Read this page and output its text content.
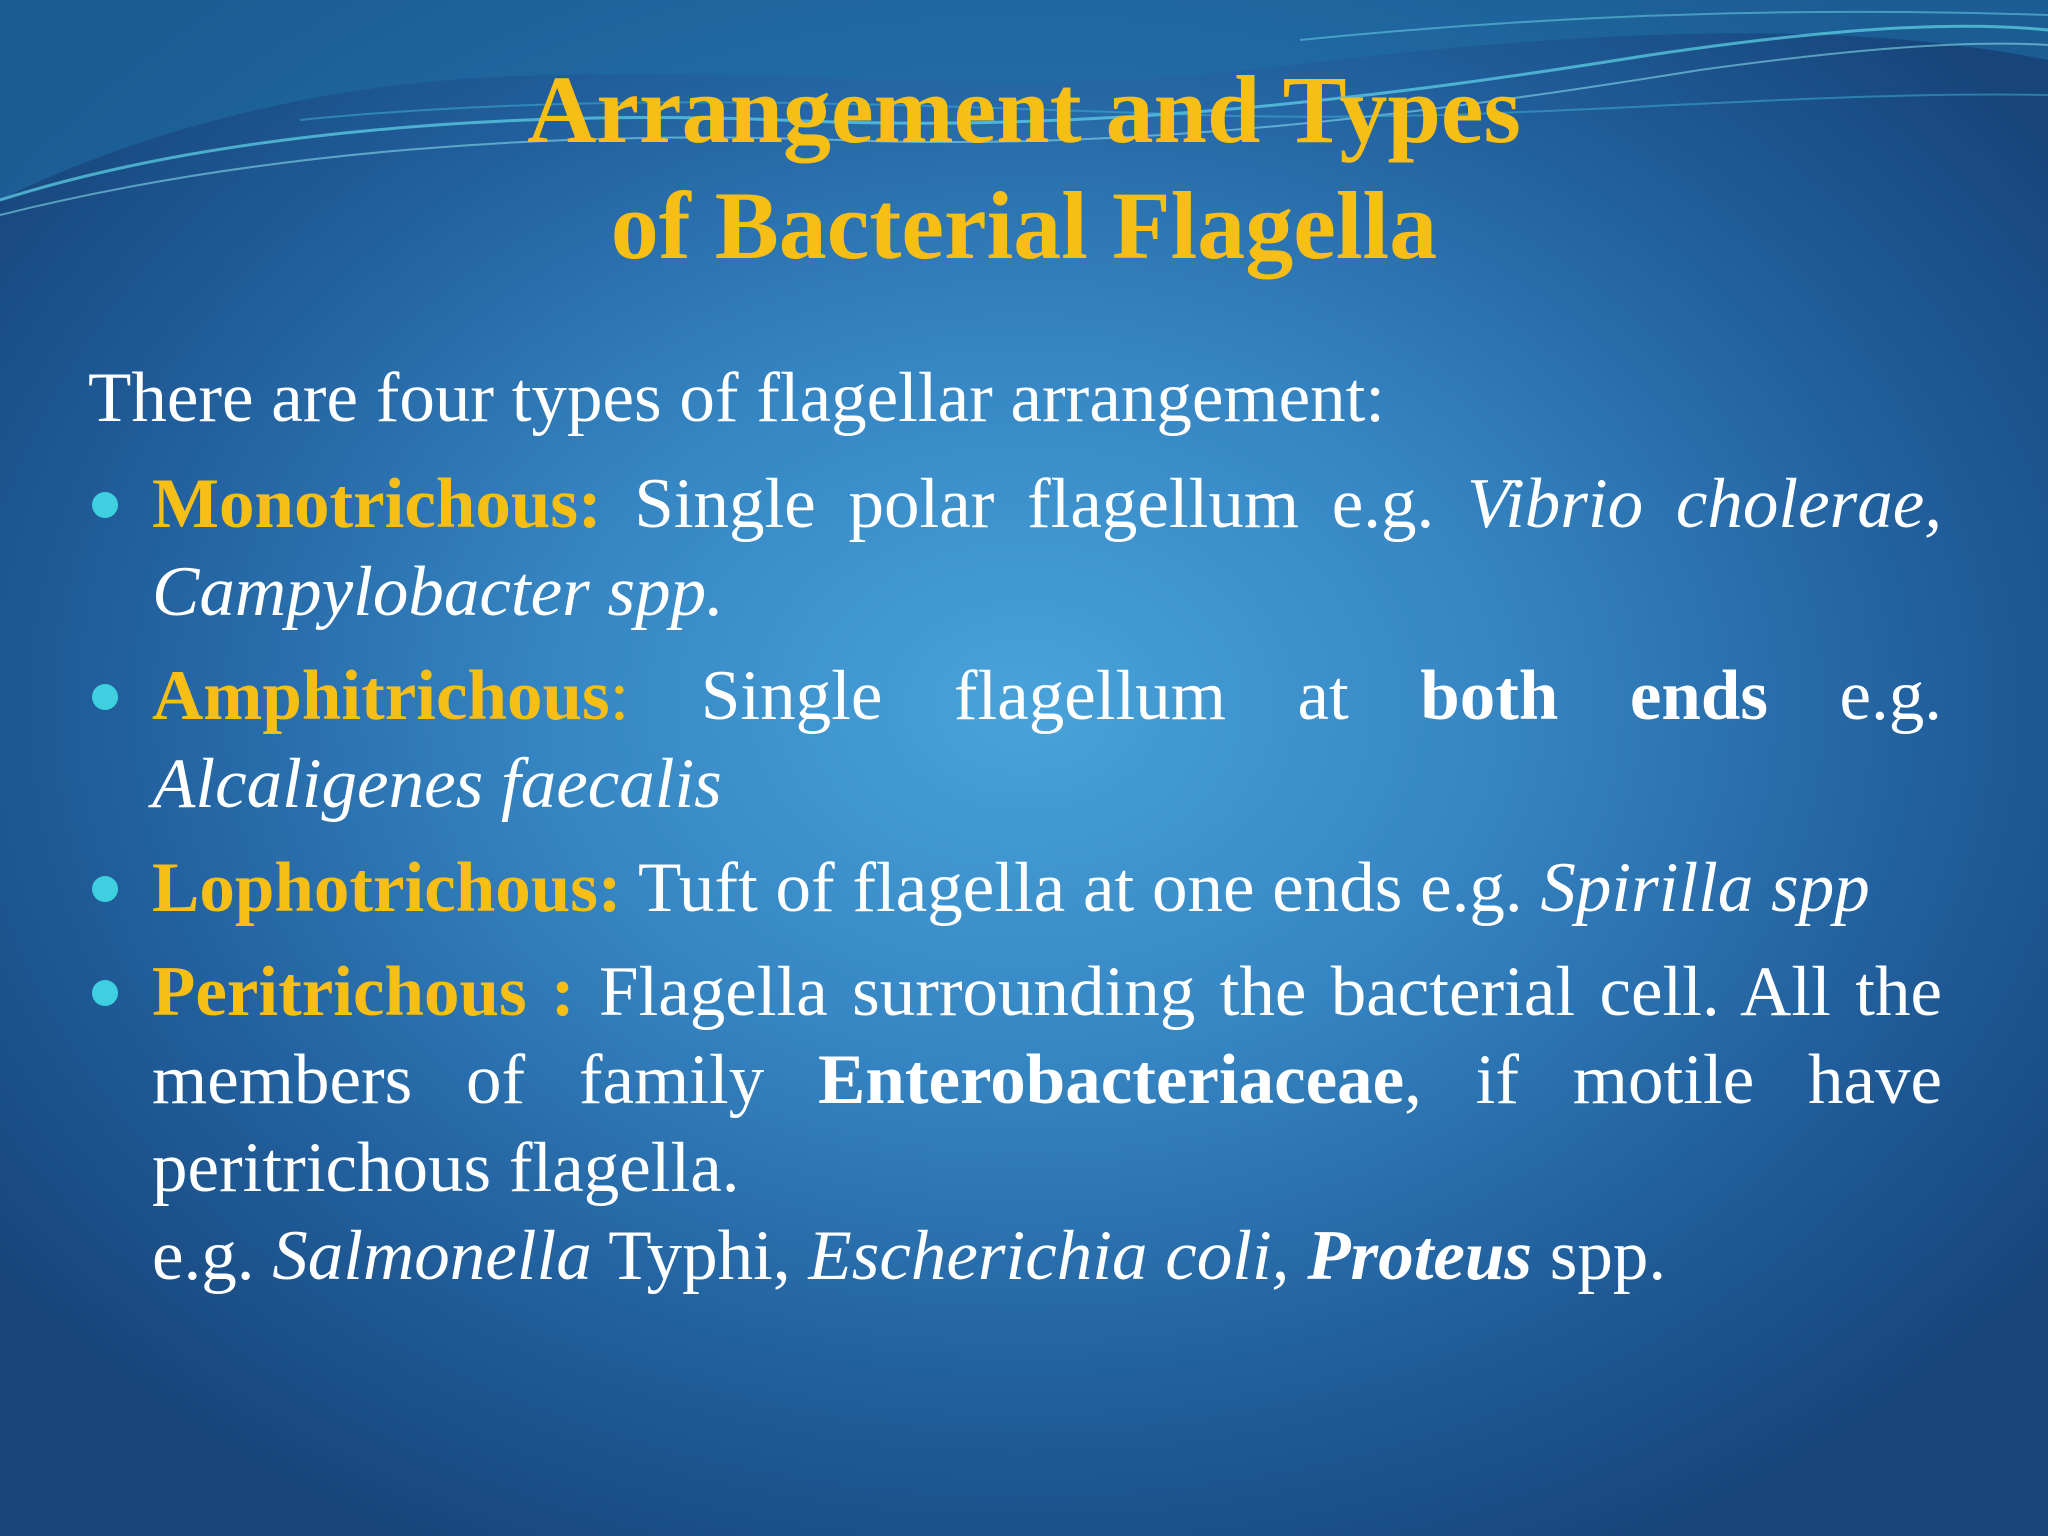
Arrangement and Types
of Bacterial Flagella

There are four types of flagellar arrangement:

Monotrichous: Single polar flagellum e.g. Vibrio cholerae, Campylobacter spp.
Amphitrichous: Single flagellum at both ends e.g. Alcaligenes faecalis
Lophotrichous: Tuft of flagella at one ends e.g. Spirilla spp
Peritrichous : Flagella surrounding the bacterial cell. All the members of family Enterobacteriaceae, if motile have peritrichous flagella.
e.g. Salmonella Typhi, Escherichia coli, Proteus spp.
